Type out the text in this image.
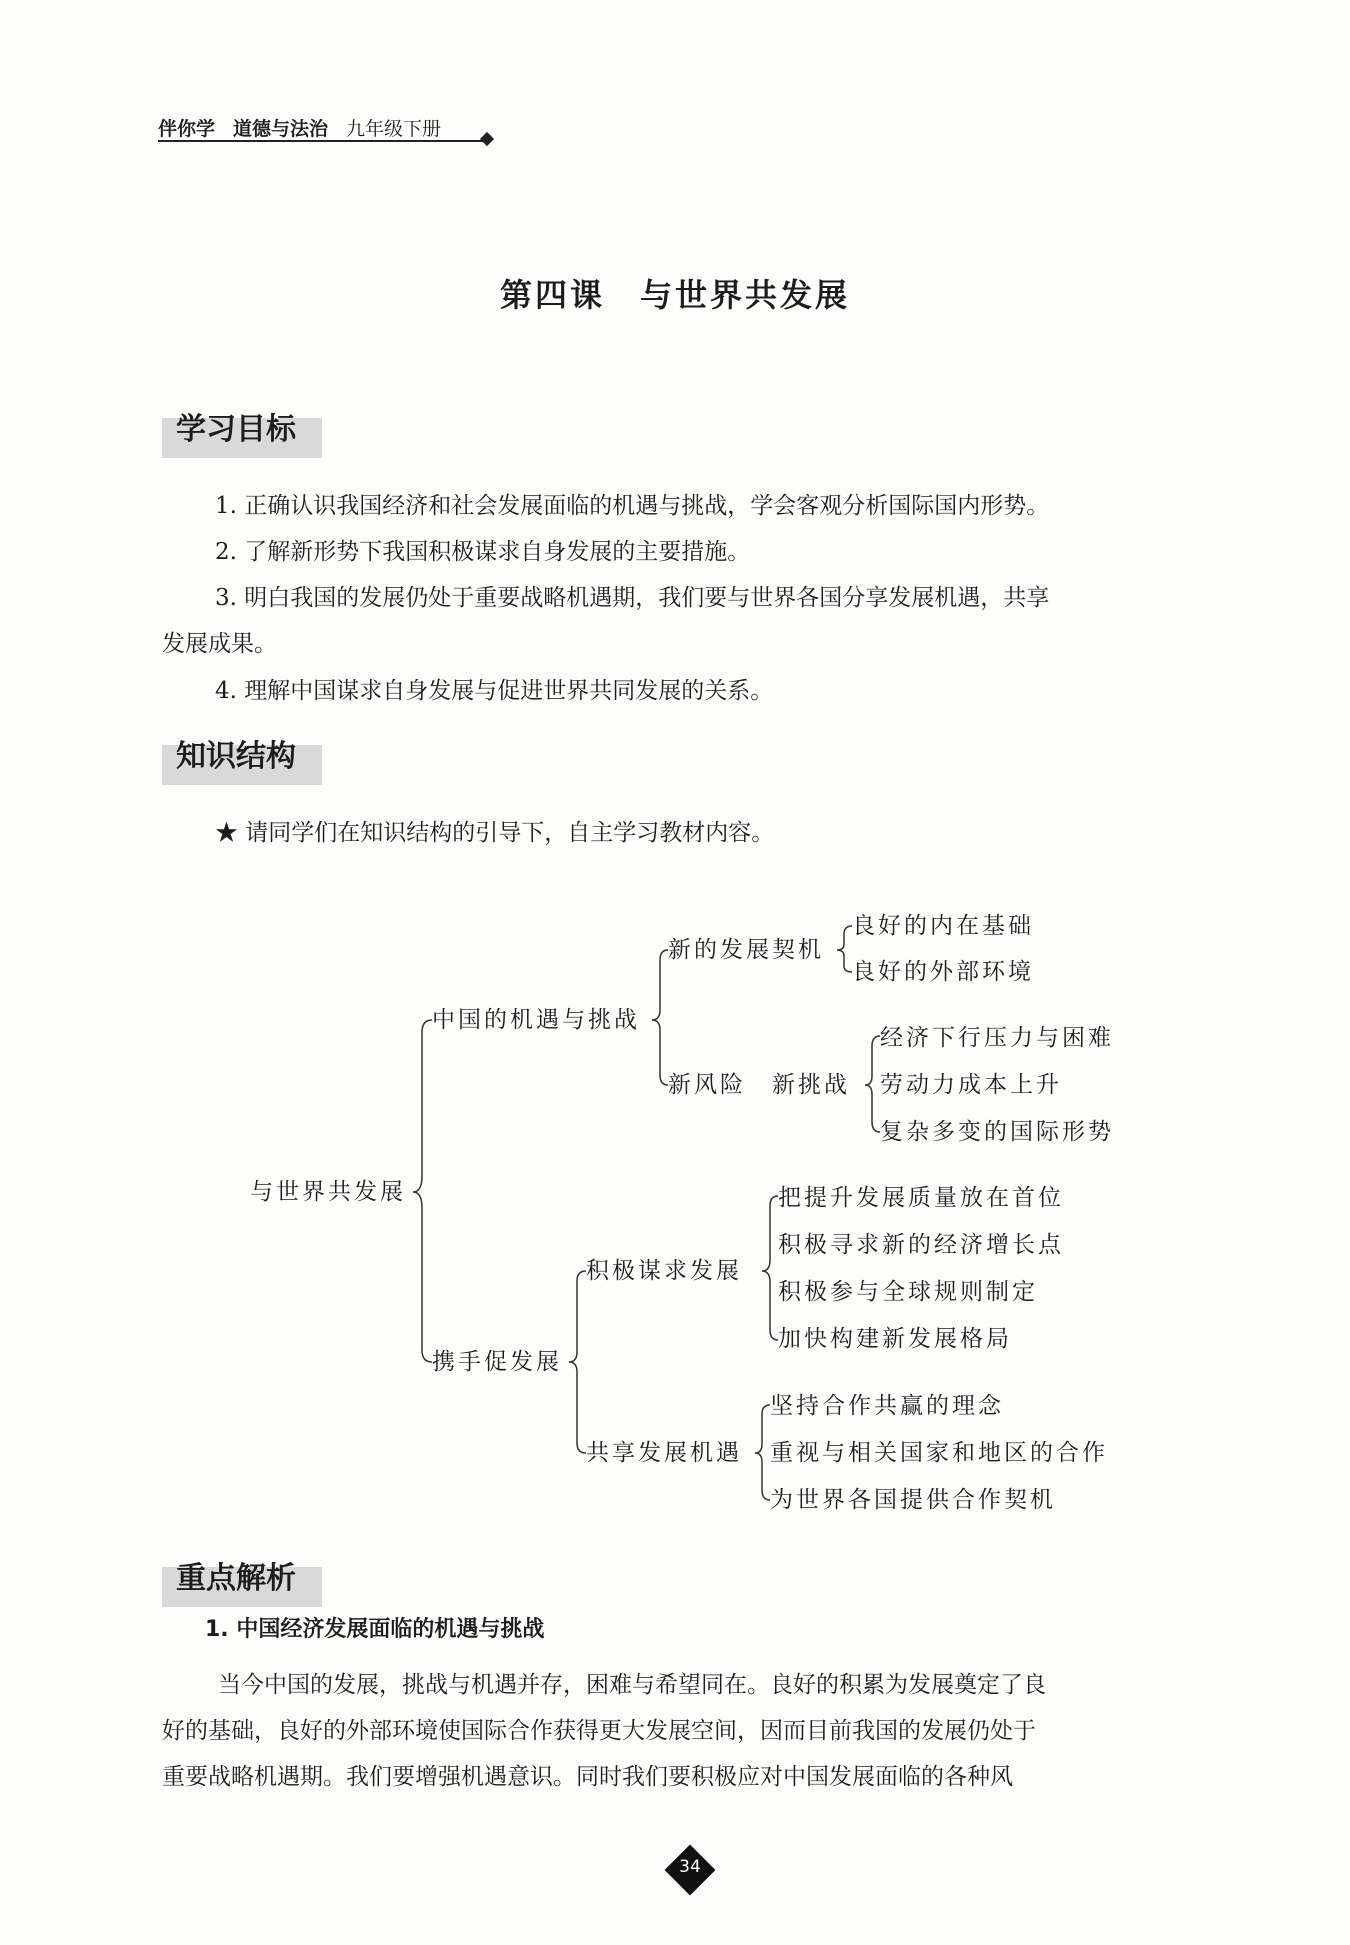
伴你学 道德与法治 九年级下册
第四课　与世界共发展
学习目标
1. 正确认识我国经济和社会发展面临的机遇与挑战，学会客观分析国际国内形势。
2. 了解新形势下我国积极谋求自身发展的主要措施。
3. 明白我国的发展仍处于重要战略机遇期，我们要与世界各国分享发展机遇，共享
发展成果。
4. 理解中国谋求自身发展与促进世界共同发展的关系。
知识结构
★ 请同学们在知识结构的引导下，自主学习教材内容。
与世界共发展
中国的机遇与挑战
携手促发展
新的发展契机
新风险　新挑战
积极谋求发展
共享发展机遇
良好的内在基础
良好的外部环境
经济下行压力与困难
劳动力成本上升
复杂多变的国际形势
把提升发展质量放在首位
积极寻求新的经济增长点
积极参与全球规则制定
加快构建新发展格局
坚持合作共赢的理念
重视与相关国家和地区的合作
为世界各国提供合作契机
重点解析
1. 中国经济发展面临的机遇与挑战
当今中国的发展，挑战与机遇并存，困难与希望同在。良好的积累为发展奠定了良
好的基础，良好的外部环境使国际合作获得更大发展空间，因而目前我国的发展仍处于
重要战略机遇期。我们要增强机遇意识。同时我们要积极应对中国发展面临的各种风
34
